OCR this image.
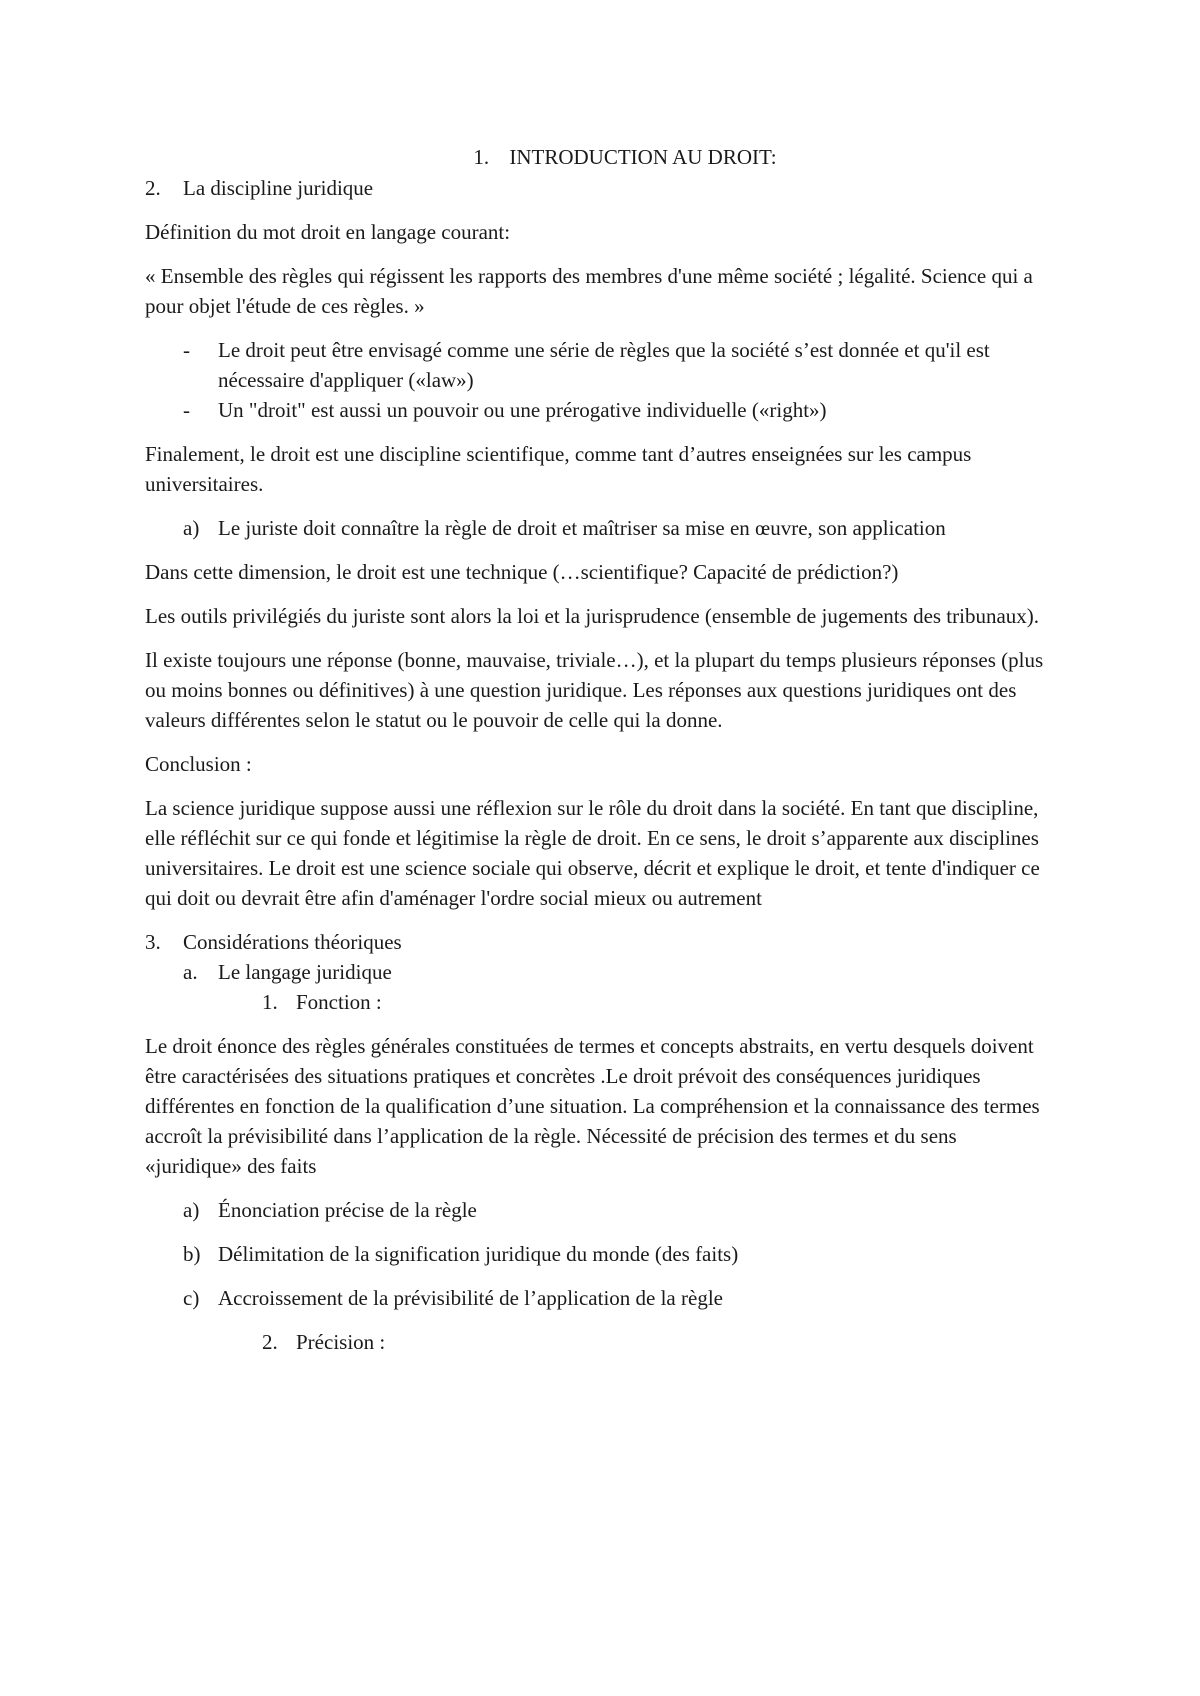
1. INTRODUCTION AU DROIT:
2. La discipline juridique

Définition du mot droit en langage courant:

« Ensemble des règles qui régissent les rapports des membres d'une même société ; légalité. Science qui a pour objet l'étude de ces règles. »

- Le droit peut être envisagé comme une série de règles que la société s’est donnée et qu'il est nécessaire d'appliquer («law»)
- Un "droit" est aussi un pouvoir ou une prérogative individuelle («right»)

Finalement, le droit est une discipline scientifique, comme tant d’autres enseignées sur les campus universitaires.

a) Le juriste doit connaître la règle de droit et maîtriser sa mise en œuvre, son application

Dans cette dimension, le droit est une technique (…scientifique? Capacité de prédiction?)

Les outils privilégiés du juriste sont alors la loi et la jurisprudence (ensemble de jugements des tribunaux).

Il existe toujours une réponse (bonne, mauvaise, triviale…), et la plupart du temps plusieurs réponses (plus ou moins bonnes ou définitives) à une question juridique. Les réponses aux questions juridiques ont des valeurs différentes selon le statut ou le pouvoir de celle qui la donne.

Conclusion :

La science juridique suppose aussi une réflexion sur le rôle du droit dans la société. En tant que discipline, elle réfléchit sur ce qui fonde et légitimise la règle de droit. En ce sens, le droit s’apparente aux disciplines universitaires. Le droit est une science sociale qui observe, décrit et explique le droit, et tente d'indiquer ce qui doit ou devrait être afin d'aménager l'ordre social mieux ou autrement

3. Considérations théoriques
a. Le langage juridique
1. Fonction :

Le droit énonce des règles générales constituées de termes et concepts abstraits, en vertu desquels doivent être caractérisées des situations pratiques et concrètes .Le droit prévoit des conséquences juridiques différentes en fonction de la qualification d’une situation. La compréhension et la connaissance des termes accroît la prévisibilité dans l’application de la règle. Nécessité de précision des termes et du sens «juridique» des faits

a) Énonciation précise de la règle
b) Délimitation de la signification juridique du monde (des faits)
c) Accroissement de la prévisibilité de l’application de la règle
2. Précision :
